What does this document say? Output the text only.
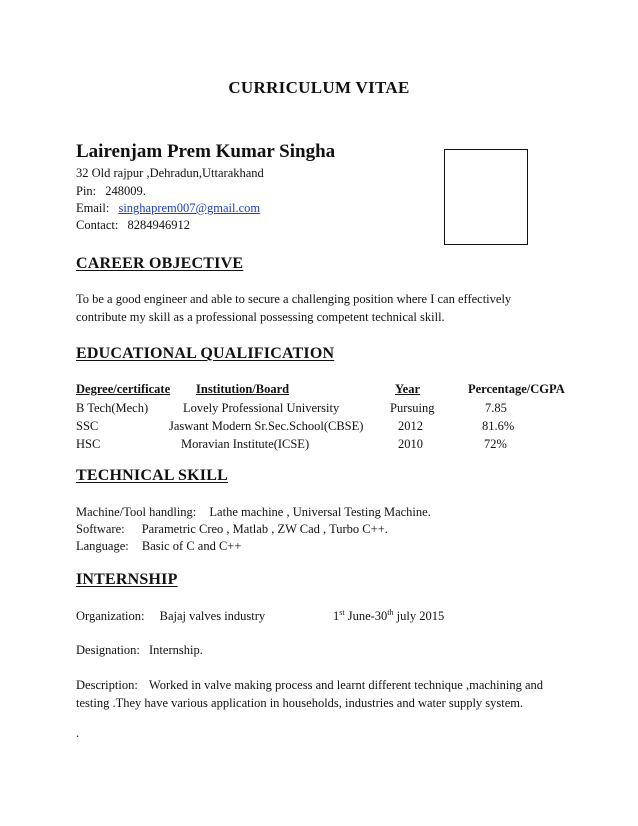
CURRICULUM VITAE
Lairenjam Prem Kumar Singha
32 Old rajpur ,Dehradun,Uttarakhand
Pin: 248009.
Email: singhaprem007@gmail.com
Contact: 8284946912
CAREER OBJECTIVE
To be a good engineer and able to secure a challenging position where I can effectively
contribute my skill as a professional possessing competent technical skill.
EDUCATIONAL QUALIFICATION
Degree/certificate Institution/Board	Year	Percentage/CGPA
B Tech(Mech)	Lovely Professional University	Pursuing	7.85
SSC	Jaswant Modern Sr.Sec.School(CBSE)	2012	81.6%
HSC	Moravian Institute(ICSE)	2010	72%
TECHNICAL SKILL
Machine/Tool handling: Lathe machine , Universal Testing Machine.
Software: Parametric Creo , Matlab , ZW Cad , Turbo C++.
Language: Basic of C and C++
INTERNSHIP
Organization: Bajaj valves industry	1st June-30th july 2015
Designation: Internship.
Description: Worked in valve making process and learnt different technique ,machining and
testing .They have various application in households, industries and water supply system.
.
